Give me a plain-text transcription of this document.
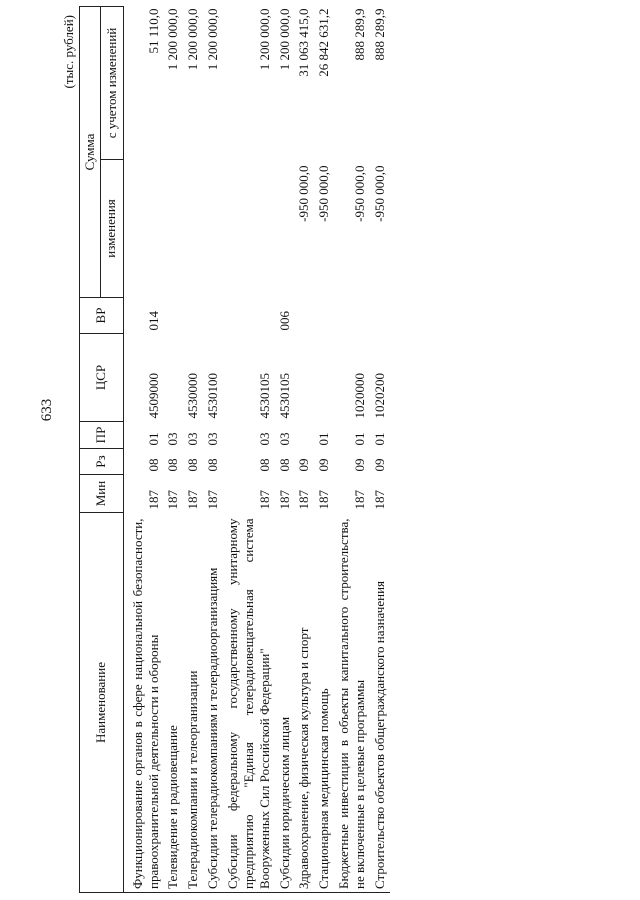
633
(тыс. рублей)
Наименование	Мин	Рз	ПР	ЦСР	ВР	Сумма	
						изменения	с учетом изменений
Функционирование органов в сфере национальной безопасности, правоохранительной деятельности и обороны	187	08	01	4509000	014		51 110,0
Телевидение и радиовещание	187	08	03				1 200 000,0
Телерадиокомпании и телеорганизации	187	08	03	4530000			1 200 000,0
Субсидии телерадиокомпаниям и телерадиоорганизациям	187	08	03	4530100			1 200 000,0
Субсидии федеральному государственному унитарному предприятию "Единая телерадиовещательная система Вооруженных Сил Российской Федерации"	187	08	03	4530105			1 200 000,0
Субсидии юридическим лицам	187	08	03	4530105	006		1 200 000,0
Здравоохранение, физическая культура и спорт	187	09				-950 000,0	31 063 415,0
Стационарная медицинская помощь	187	09	01			-950 000,0	26 842 631,2
Бюджетные инвестиции в объекты капитального строительства, не включенные в целевые программы	187	09	01	1020000		-950 000,0	888 289,9
Строительство объектов общегражданского назначения	187	09	01	1020200		-950 000,0	888 289,9
